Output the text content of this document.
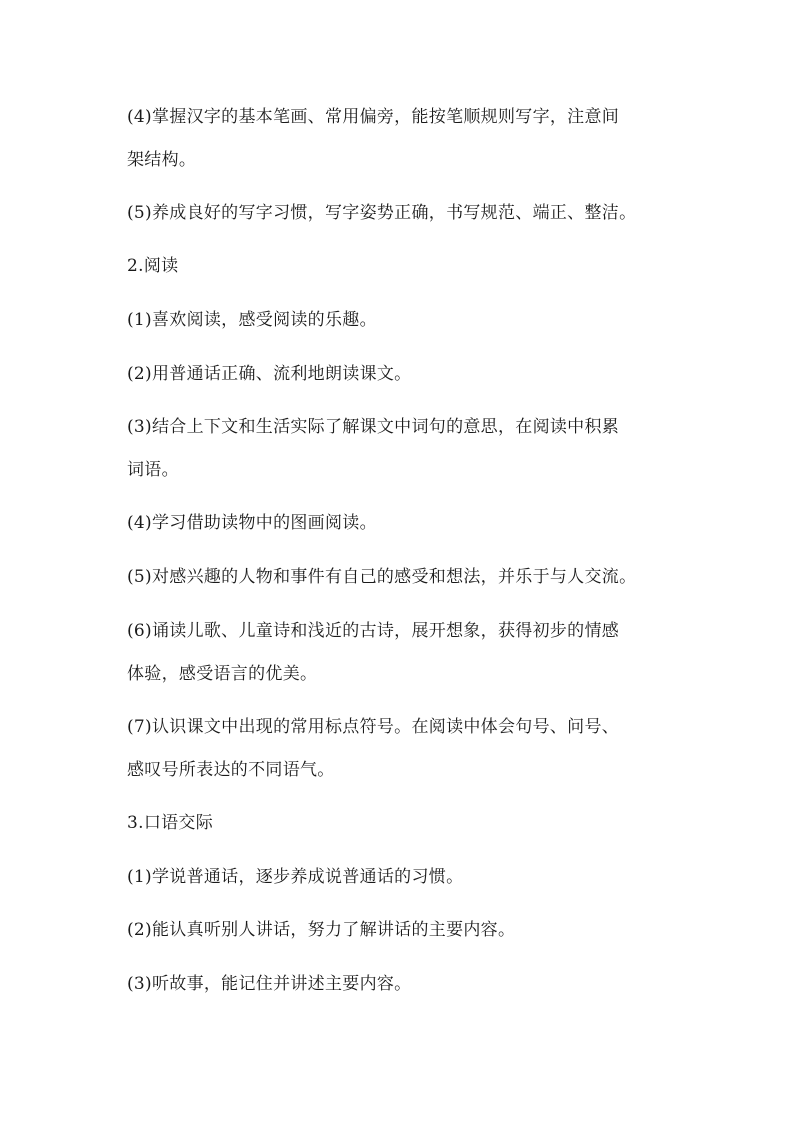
(4)掌握汉字的基本笔画、常用偏旁，能按笔顺规则写字，注意间
架结构。
(5)养成良好的写字习惯，写字姿势正确，书写规范、端正、整洁。
2.阅读
(1)喜欢阅读，感受阅读的乐趣。
(2)用普通话正确、流利地朗读课文。
(3)结合上下文和生活实际了解课文中词句的意思，在阅读中积累
词语。
(4)学习借助读物中的图画阅读。
(5)对感兴趣的人物和事件有自己的感受和想法，并乐于与人交流。
(6)诵读儿歌、儿童诗和浅近的古诗，展开想象，获得初步的情感
体验，感受语言的优美。
(7)认识课文中出现的常用标点符号。在阅读中体会句号、问号、
感叹号所表达的不同语气。
3.口语交际
(1)学说普通话，逐步养成说普通话的习惯。
(2)能认真听别人讲话，努力了解讲话的主要内容。
(3)听故事，能记住并讲述主要内容。
